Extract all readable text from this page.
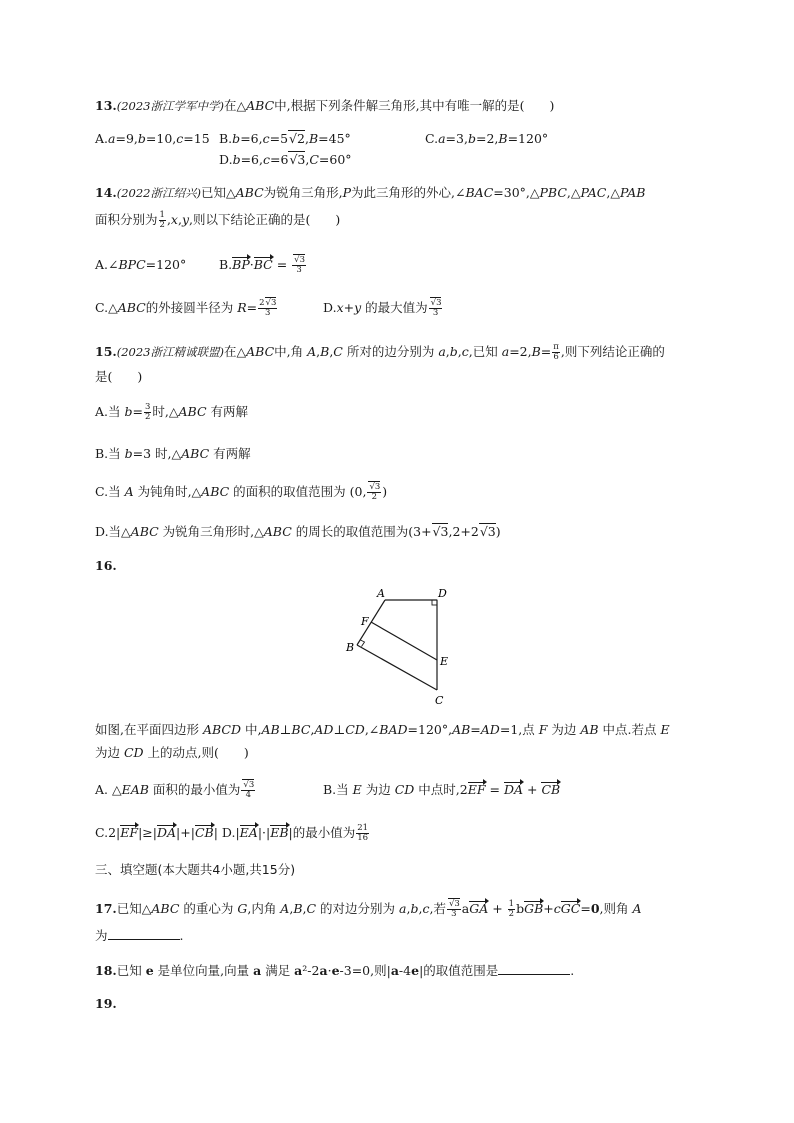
13.(2023浙江学军中学)在△ABC中,根据下列条件解三角形,其中有唯一解的是(　　)
A.a=9,b=10,c=15 B.b=6,c=5√2,B=45°	C.a=3,b=2,B=120°
D.b=6,c=6√3,C=60°
14.(2022浙江绍兴)已知△ABC为锐角三角形,P为此三角形的外心,∠BAC=30°,△PBC,△PAC,△PAB
面积分别为 $\frac{1}{2} ,x,y$,则以下结论正确的是(　　)
A.∠BPC=120°	$B.BP\cdot BC = \frac{√3}{3}$
C.△ABC的外接圆半径为 $R= \frac{2√3}{3}$	D.x+y 的最大值为 $\frac{√3}{3}$
15.(2023浙江精诚联盟)在△ABC中,角 A,B,C 所对的边分别为 a,b,c,已知 $a=2,B= \frac{\pi}{6}$ ,则下列结论正确的
是(　　)
A.当 $b= \frac{3}{2}$ 时,△ABC 有两解
B.当 b=3 时,△ABC 有两解
C.当 A 为钝角时,△ABC 的面积的取值范围为 (0, $\frac{√3}{2}$ )
D.当△ABC 为锐角三角形时,△ABC 的周长的取值范围为(3+√3,2+2√3)
16.
A	D
F
B
E
C
如图,在平面四边形 ABCD 中,AB⊥BC,AD⊥CD,∠BAD=120°,AB=AD=1,点 F 为边 AB 中点.若点 E
为边 CD 上的动点,则(　　)
A. △EAB 面积的最小值为 $\frac{√3}{4}$	B.当 E 为边 CD 中点时,2EF = DA + CB
C.2|EF|≥|DA|+|CB| D.|EA|·|EB|的最小值为 $\frac{21}{16}$
三、填空题(本大题共4小题,共15分)
17.已知△ABC 的重心为 G,内角 A,B,C 的对边分别为 a,b,c,若 $\frac{√3}{3}$ aGA + $\frac{1}{2} bGB+cGC=0$,则角 A
为	.
18.已知 e 是单位向量,向量 a 满足 a²-2a·e-3=0,则|a-4e|的取值范围是	.
19.
